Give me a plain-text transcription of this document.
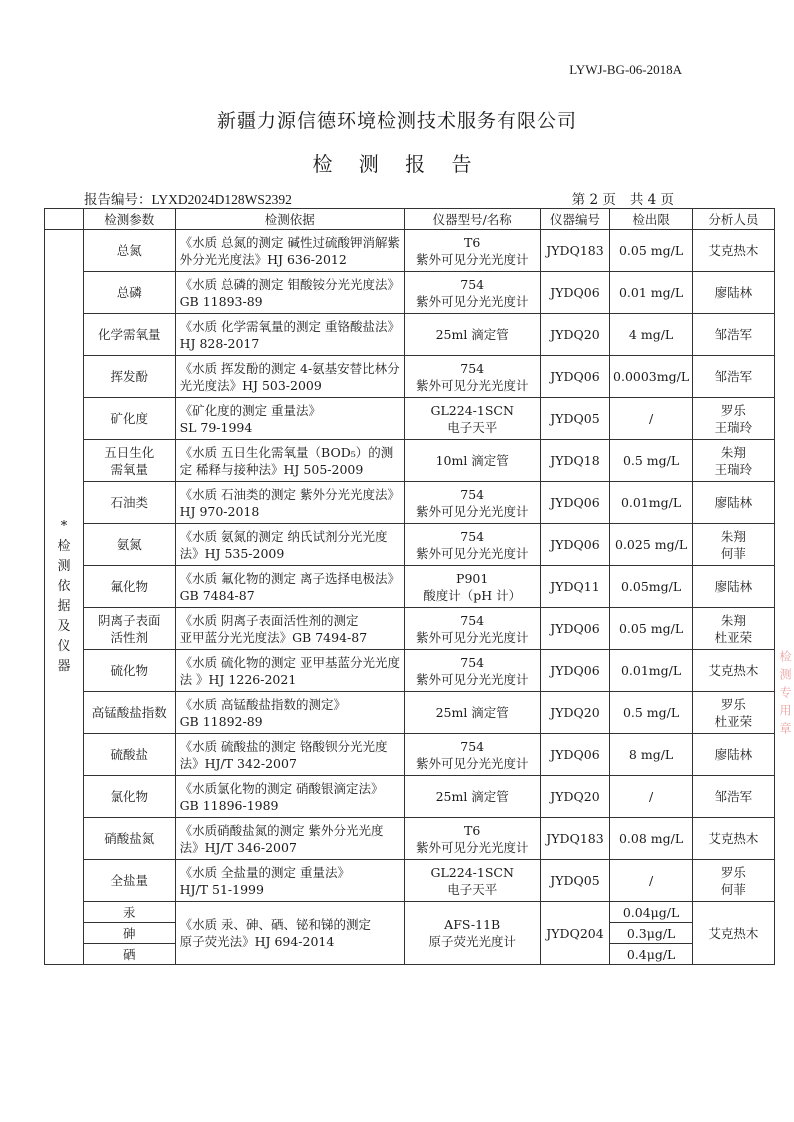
LYWJ-BG-06-2018A
新疆力源信德环境检测技术服务有限公司
检 测 报 告
报告编号：LYXD2024D128WS2392	第 2 页 共 4 页
	检测参数	检测依据	仪器型号/名称	仪器编号	检出限	分析人员

*检测依据及仪器	总氮	《水质 总氮的测定 碱性过硫酸钾消解紫外分光光度法》HJ 636-2012	T6
紫外可见分光光度计	JYDQ183	0.05 mg/L	艾克热木
	总磷	《水质 总磷的测定 钼酸铵分光光度法》GB 11893-89	754
紫外可见分光光度计	JYDQ06	0.01 mg/L	廖陆林
	化学需氧量	《水质 化学需氧量的测定 重铬酸盐法》HJ 828-2017	25ml 滴定管	JYDQ20	4 mg/L	邹浩军
	挥发酚	《水质 挥发酚的测定 4-氨基安替比林分光光度法》HJ 503-2009	754
紫外可见分光光度计	JYDQ06	0.0003mg/L	邹浩军
	矿化度	《矿化度的测定 重量法》
SL 79-1994	GL224-1SCN
电子天平	JYDQ05	/	罗乐
王瑞玲
	五日生化
需氧量	《水质 五日生化需氧量（BOD₅）的测定 稀释与接种法》HJ 505-2009	10ml 滴定管	JYDQ18	0.5 mg/L	朱翔
王瑞玲
	石油类	《水质 石油类的测定 紫外分光光度法》HJ 970-2018	754
紫外可见分光光度计	JYDQ06	0.01mg/L	廖陆林
	氨氮	《水质 氨氮的测定 纳氏试剂分光光度法》HJ 535-2009	754
紫外可见分光光度计	JYDQ06	0.025 mg/L	朱翔
何菲
	氟化物	《水质 氟化物的测定 离子选择电极法》GB 7484-87	P901
酸度计（pH 计）	JYDQ11	0.05mg/L	廖陆林
	阴离子表面
活性剂	《水质 阴离子表面活性剂的测定
亚甲蓝分光光度法》GB 7494-87	754
紫外可见分光光度计	JYDQ06	0.05 mg/L	朱翔
杜亚荣
	硫化物	《水质 硫化物的测定 亚甲基蓝分光光度法 》HJ 1226-2021	754
紫外可见分光光度计	JYDQ06	0.01mg/L	艾克热木
	高锰酸盐指数	《水质 高锰酸盐指数的测定》
GB 11892-89	25ml 滴定管	JYDQ20	0.5 mg/L	罗乐
杜亚荣
	硫酸盐	《水质 硫酸盐的测定 铬酸钡分光光度法》HJ/T 342-2007	754
紫外可见分光光度计	JYDQ06	8 mg/L	廖陆林
	氯化物	《水质氯化物的测定 硝酸银滴定法》GB 11896-1989	25ml 滴定管	JYDQ20	/	邹浩军
	硝酸盐氮	《水质硝酸盐氮的测定 紫外分光光度法》HJ/T 346-2007	T6
紫外可见分光光度计	JYDQ183	0.08 mg/L	艾克热木
	全盐量	《水质 全盐量的测定 重量法》
HJ/T 51-1999	GL224-1SCN
电子天平	JYDQ05	/	罗乐
何菲
	汞	《水质 汞、砷、硒、铋和锑的测定
原子荧光法》HJ 694-2014	AFS-11B
原子荧光光度计	JYDQ204	0.04μg/L	艾克热木
	砷				0.3μg/L	
	硒				0.4μg/L	
检测专用章
